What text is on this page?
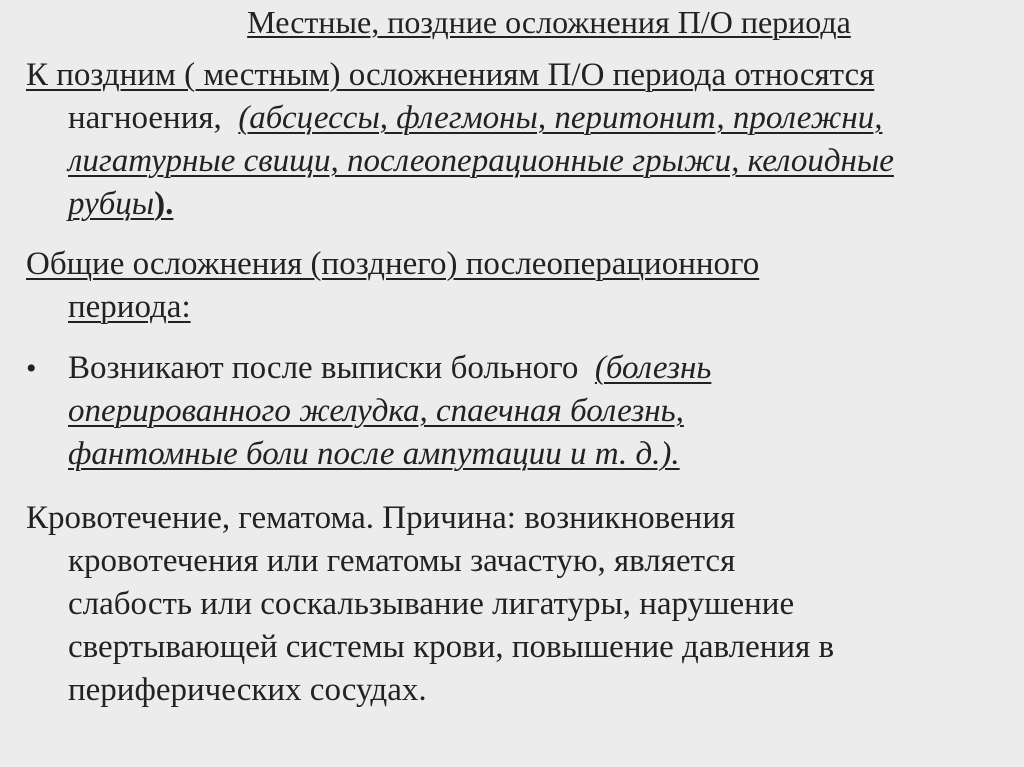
Местные, поздние осложнения П/О периода
К поздним ( местным) осложнениям П/О периода относятся
нагноения, (абсцессы, флегмоны, перитонит, пролежни,
лигатурные свищи, послеоперационные грыжи, келоидные
рубцы).
Общие осложнения (позднего) послеоперационного
периода:
• Возникают после выписки больного (болезнь
оперированного желудка, спаечная болезнь,
фантомные боли после ампутации и т. д.).
Кровотечение, гематома. Причина: возникновения
кровотечения или гематомы зачастую, является
слабость или соскальзывание лигатуры, нарушение
свертывающей системы крови, повышение давления в
периферических сосудах.
